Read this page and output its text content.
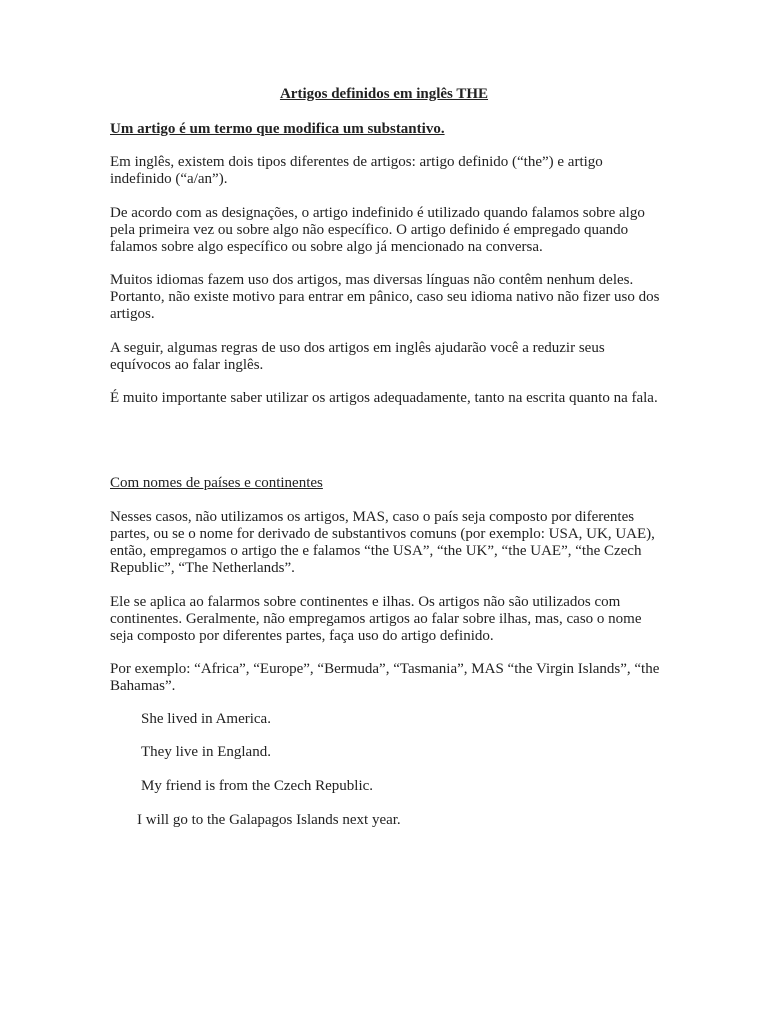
Artigos definidos em inglês THE

Um artigo é um termo que modifica um substantivo.

Em inglês, existem dois tipos diferentes de artigos: artigo definido (“the”) e artigo indefinido (“a/an”).

De acordo com as designações, o artigo indefinido é utilizado quando falamos sobre algo pela primeira vez ou sobre algo não específico. O artigo definido é empregado quando falamos sobre algo específico ou sobre algo já mencionado na conversa.

Muitos idiomas fazem uso dos artigos, mas diversas línguas não contêm nenhum deles. Portanto, não existe motivo para entrar em pânico, caso seu idioma nativo não fizer uso dos artigos.

A seguir, algumas regras de uso dos artigos em inglês ajudarão você a reduzir seus equívocos ao falar inglês.

É muito importante saber utilizar os artigos adequadamente, tanto na escrita quanto na fala.

Com nomes de países e continentes

Nesses casos, não utilizamos os artigos, MAS, caso o país seja composto por diferentes partes, ou se o nome for derivado de substantivos comuns (por exemplo: USA, UK, UAE), então, empregamos o artigo the e falamos “the USA”, “the UK”, “the UAE”, “the Czech Republic”, “The Netherlands”.

Ele se aplica ao falarmos sobre continentes e ilhas. Os artigos não são utilizados com continentes. Geralmente, não empregamos artigos ao falar sobre ilhas, mas, caso o nome seja composto por diferentes partes, faça uso do artigo definido.

Por exemplo: “Africa”, “Europe”, “Bermuda”, “Tasmania”, MAS “the Virgin Islands”, “the Bahamas”.

She lived in America.

They live in England.

My friend is from the Czech Republic.

I will go to the Galapagos Islands next year.
